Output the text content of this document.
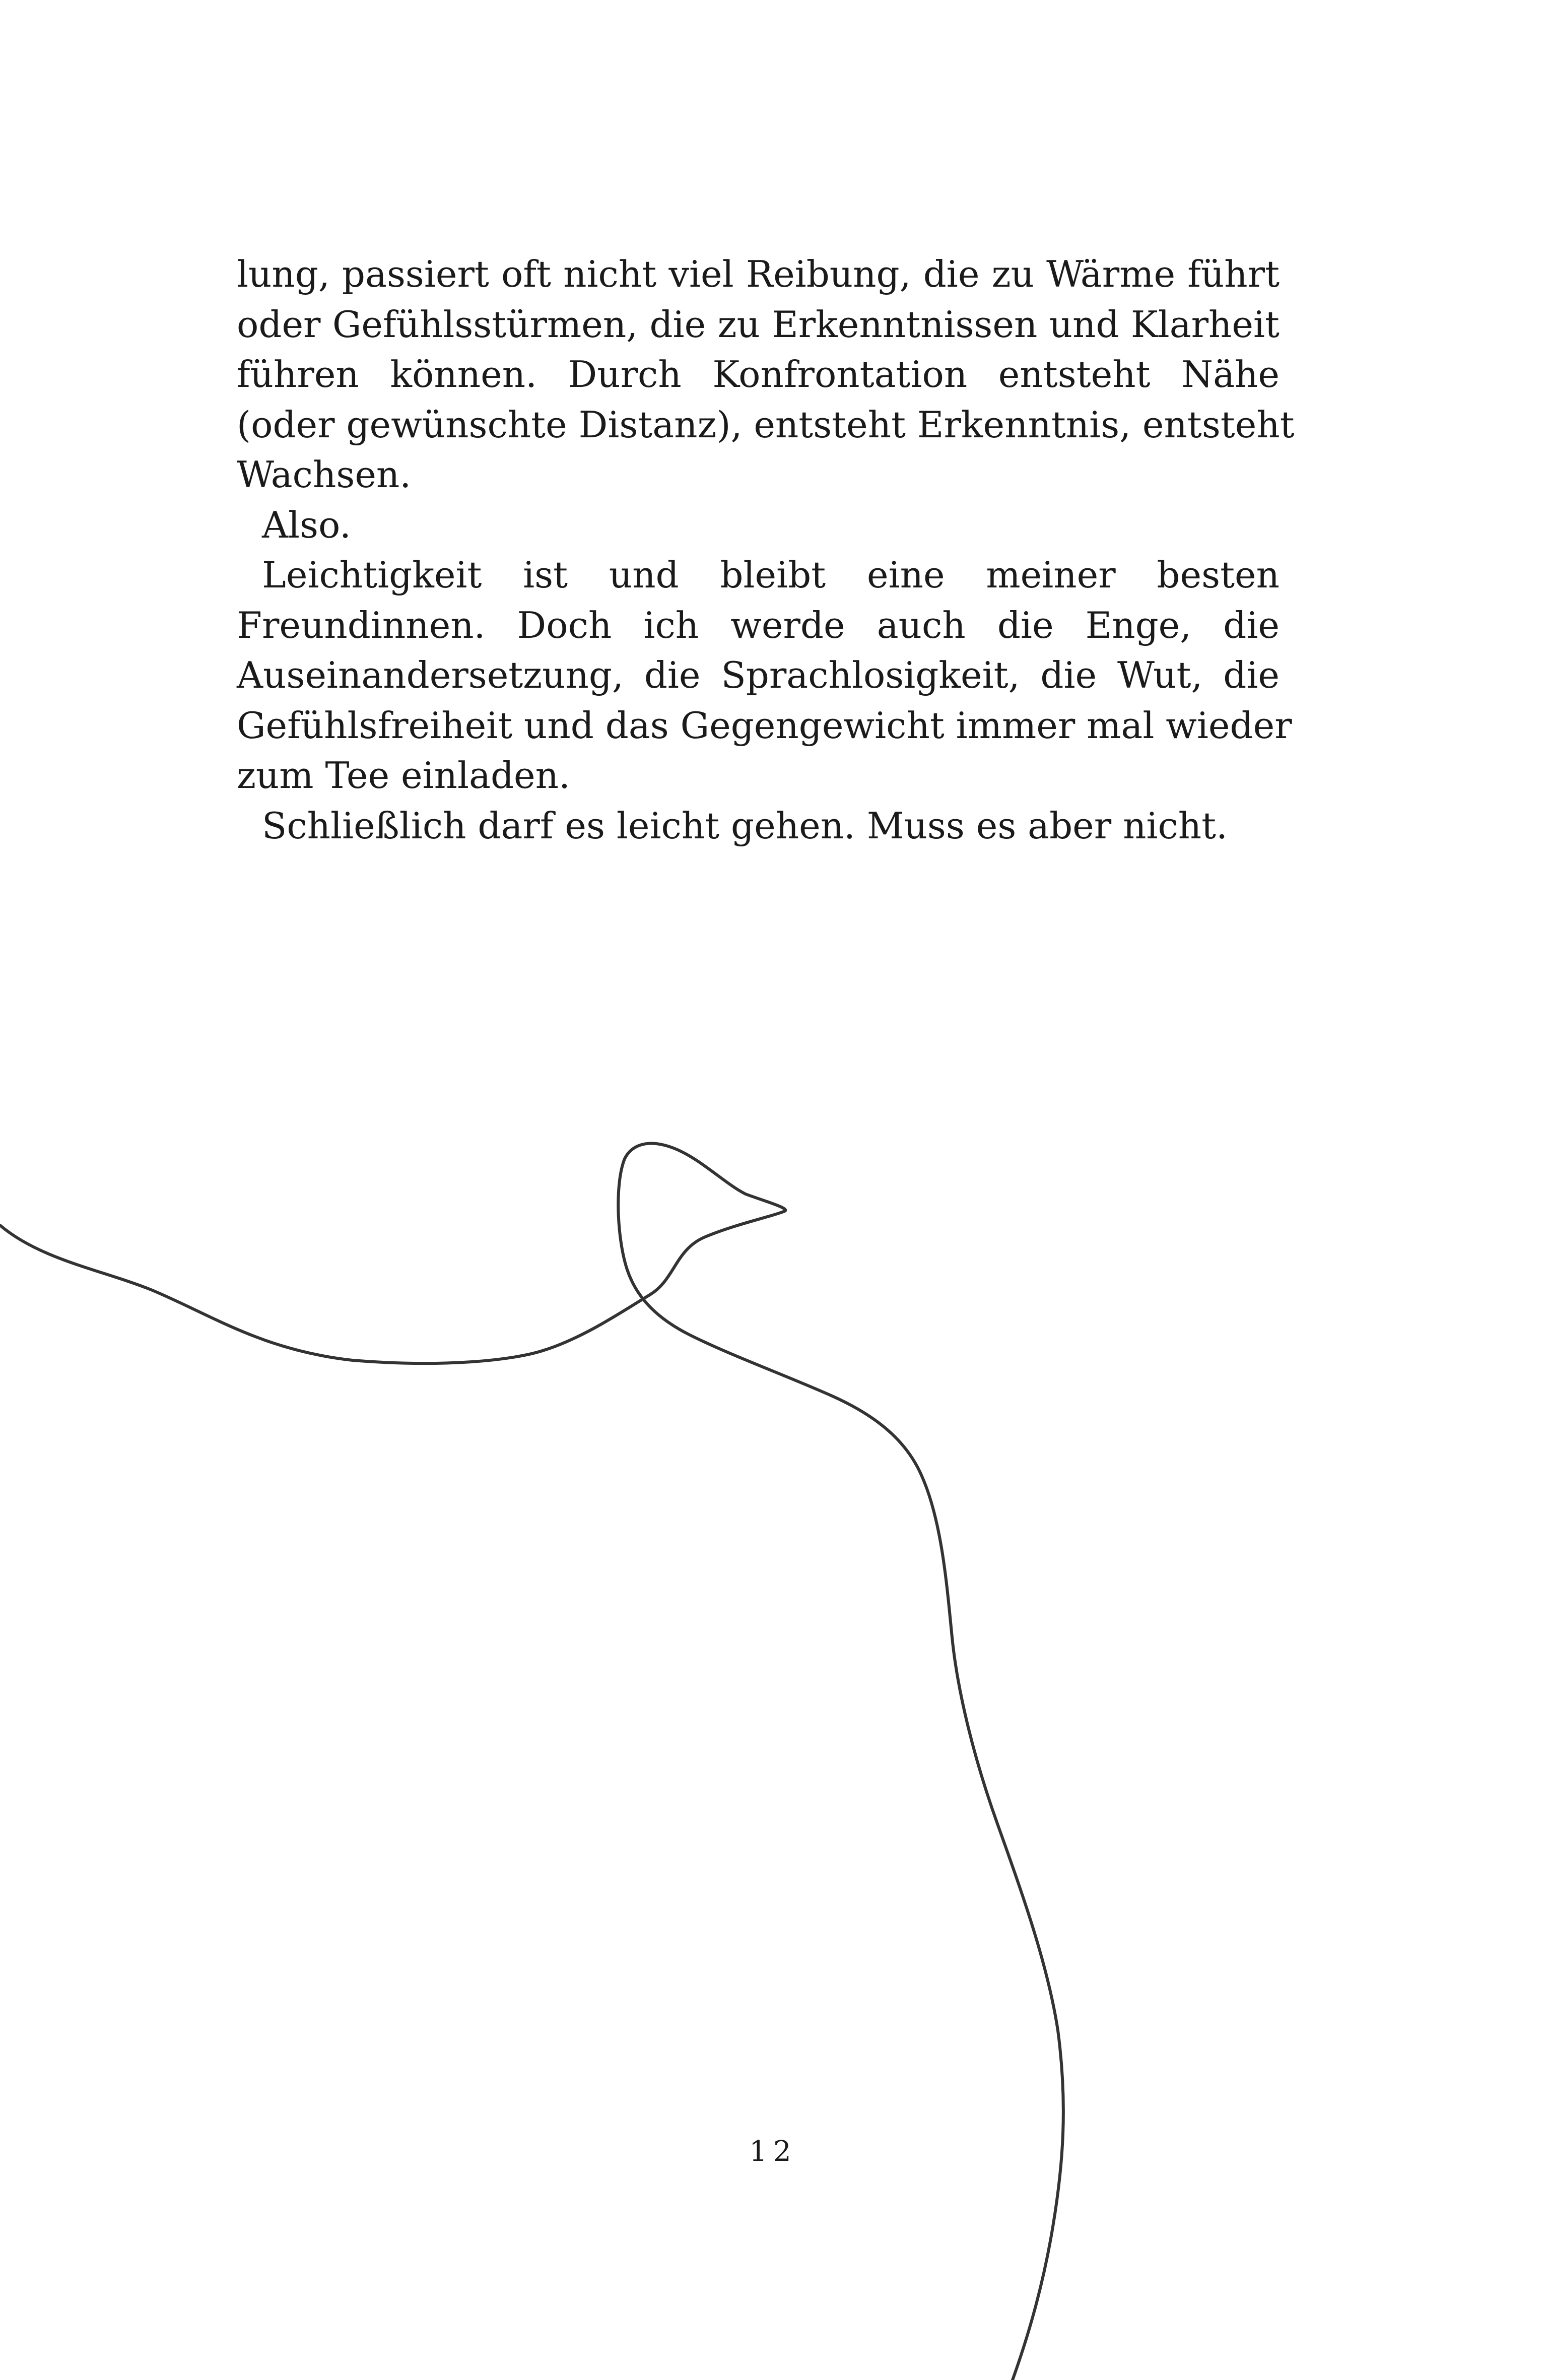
lung, passiert oft nicht viel Reibung, die zu Wärme führt
oder Gefühlsstürmen, die zu Erkenntnissen und Klarheit
führen können. Durch Konfrontation entsteht Nähe
(oder gewünschte Distanz), entsteht Erkenntnis, entsteht
Wachsen.
Also.
Leichtigkeit ist und bleibt eine meiner besten
Freundinnen. Doch ich werde auch die Enge, die
Auseinandersetzung, die Sprachlosigkeit, die Wut, die
Gefühlsfreiheit und das Gegengewicht immer mal wieder
zum Tee einladen.
Schließlich darf es leicht gehen. Muss es aber nicht.
12
